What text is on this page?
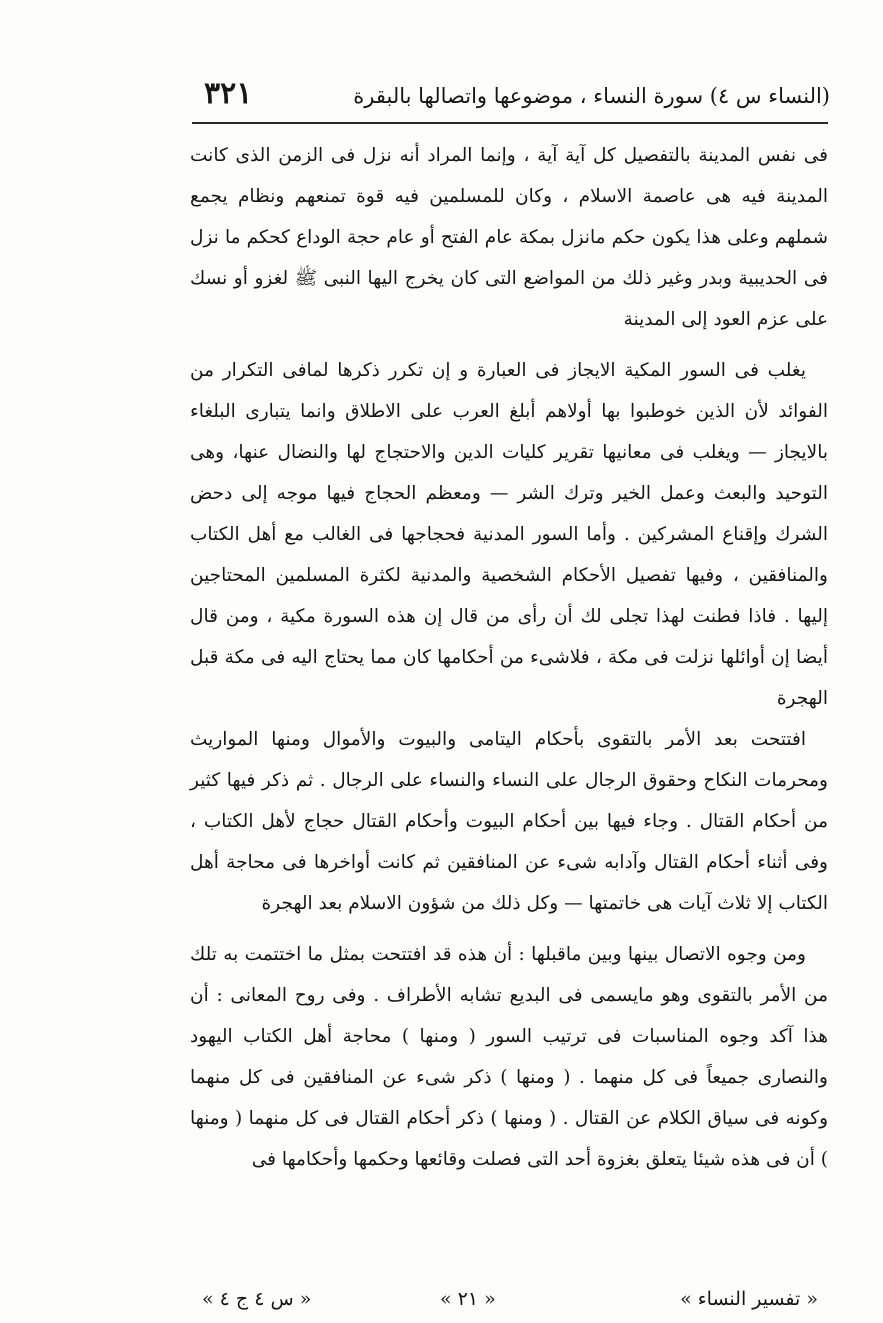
(النساء س ٤) سورة النساء ، موضوعها واتصالها بالبقرة
٣٢١

فى نفس المدينة بالتفصيل كل آية آية ، وإنما المراد أنه نزل فى الزمن الذى كانت المدينة فيه هى عاصمة الاسلام ، وكان للمسلمين فيه قوة تمنعهم ونظام يجمع شملهم وعلى هذا يكون حكم مانزل بمكة عام الفتح أو عام حجة الوداع كحكم ما نزل فى الحديبية وبدر وغير ذلك من المواضع التى كان يخرج اليها النبى ﷺ لغزو أو نسك على عزم العود إلى المدينة

يغلب فى السور المكية الايجاز فى العبارة و إن تكرر ذكرها لمافى التكرار من الفوائد لأن الذين خوطبوا بها أولاهم أبلغ العرب على الاطلاق وانما يتبارى البلغاء بالايجاز — ويغلب فى معانيها تقرير كليات الدين والاحتجاج لها والنضال عنها، وهى التوحيد والبعث وعمل الخير وترك الشر — ومعظم الحجاج فيها موجه إلى دحض الشرك وإقناع المشركين . وأما السور المدنية فحجاجها فى الغالب مع أهل الكتاب والمنافقين ، وفيها تفصيل الأحكام الشخصية والمدنية لكثرة المسلمين المحتاجين إليها . فاذا فطنت لهذا تجلى لك أن رأى من قال إن هذه السورة مكية ، ومن قال أيضا إن أوائلها نزلت فى مكة ، فلاشىء من أحكامها كان مما يحتاج اليه فى مكة قبل الهجرة

افتتحت بعد الأمر بالتقوى بأحكام اليتامى والبيوت والأموال ومنها المواريث ومحرمات النكاح وحقوق الرجال على النساء والنساء على الرجال . ثم ذكر فيها كثير من أحكام القتال . وجاء فيها بين أحكام البيوت وأحكام القتال حجاج لأهل الكتاب ، وفى أثناء أحكام القتال وآدابه شىء عن المنافقين ثم كانت أواخرها فى محاجة أهل الكتاب إلا ثلاث آيات هى خاتمتها — وكل ذلك من شؤون الاسلام بعد الهجرة

ومن وجوه الاتصال بينها وبين ماقبلها : أن هذه قد افتتحت بمثل ما اختتمت به تلك من الأمر بالتقوى وهو مايسمى فى البديع تشابه الأطراف . وفى روح المعانى : أن هذا آكد وجوه المناسبات فى ترتيب السور ( ومنها ) محاجة أهل الكتاب اليهود والنصارى جميعاً فى كل منهما . ( ومنها ) ذكر شىء عن المنافقين فى كل منهما وكونه فى سياق الكلام عن القتال . ( ومنها ) ذكر أحكام القتال فى كل منهما ( ومنها ) أن فى هذه شيئا يتعلق بغزوة أحد التى فصلت وقائعها وحكمها وأحكامها فى

« تفسير النساء »
« ٢١ »
« س ٤ ج ٤ »
